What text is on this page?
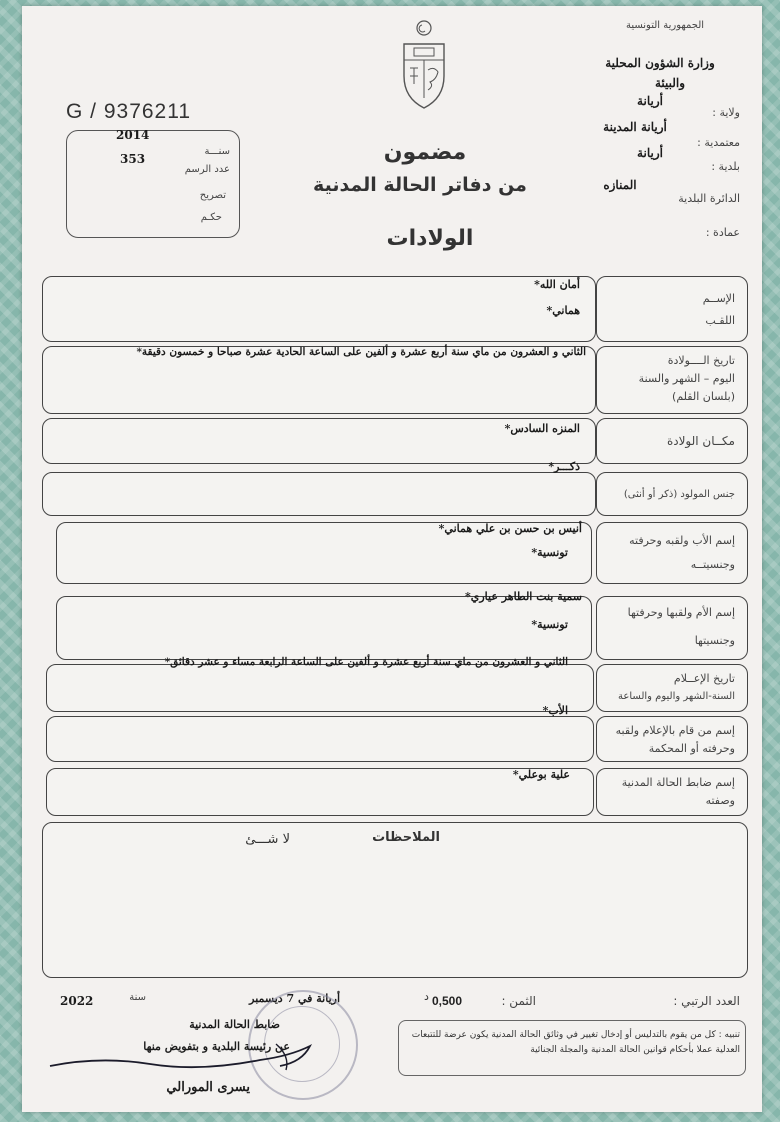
الجمهورية التونسية
وزارة الشؤون المحلية
والبيئة
ولاية :
أريانة
معتمدية :
أريانة المدينة
بلدية :
أريانة
الدائرة البلدية
المنازه
عمادة :
G / 9376211
2014
سنـــة
353
عدد الرسم
تصريح
حكـم
مضمون
من دفاتر الحالة المدنية
الولادات
الإســم
اللقـب
أمان الله*
هماني*
تاريخ الــــولادة
اليوم – الشهر والسنة
(بلسان القلم)
الثاني و العشرون من ماي سنة أربع عشرة و ألفين على الساعة الحادية عشرة صباحا و خمسون دقيقة*
مكــان الولادة
المنزه السادس*
جنس المولود (ذكر أو أنثى)
ذكـــر*
إسم الأب ولقبه وحرفته
وجنسيتــه
أنيس بن حسن بن علي هماني*
تونسية*
إسم الأم ولقبها وحرفتها
وجنسيتها
سمية بنت الطاهر عياري*
تونسية*
تاريخ الإعــلام
السنة-الشهر واليوم والساعة
الثاني و العشرون من ماي سنة أربع عشرة و ألفين على الساعة الرابعة مساء و عشر دقائق*
إسم من قام بالإعلام ولقبه
وحرفته أو المحكمة
الأب*
إسم ضابط الحالة المدنية
وصفته
علية بوعلي*
الملاحظات
لا شـــئ
العدد الرتبي :
الثمن :
د 0,500
أريانة في 7 ديسمبر
سنة
2022
ضابط الحالة المدنية
عن رئيسة البلدية و بتفويض منها
يسرى المورالي
تنبيه : كل من يقوم بالتدليس أو إدخال تغيير في وثائق الحالة المدنية يكون عرضة للتتبعات العدلية عملا بأحكام قوانين الحالة المدنية والمجلة الجنائية
